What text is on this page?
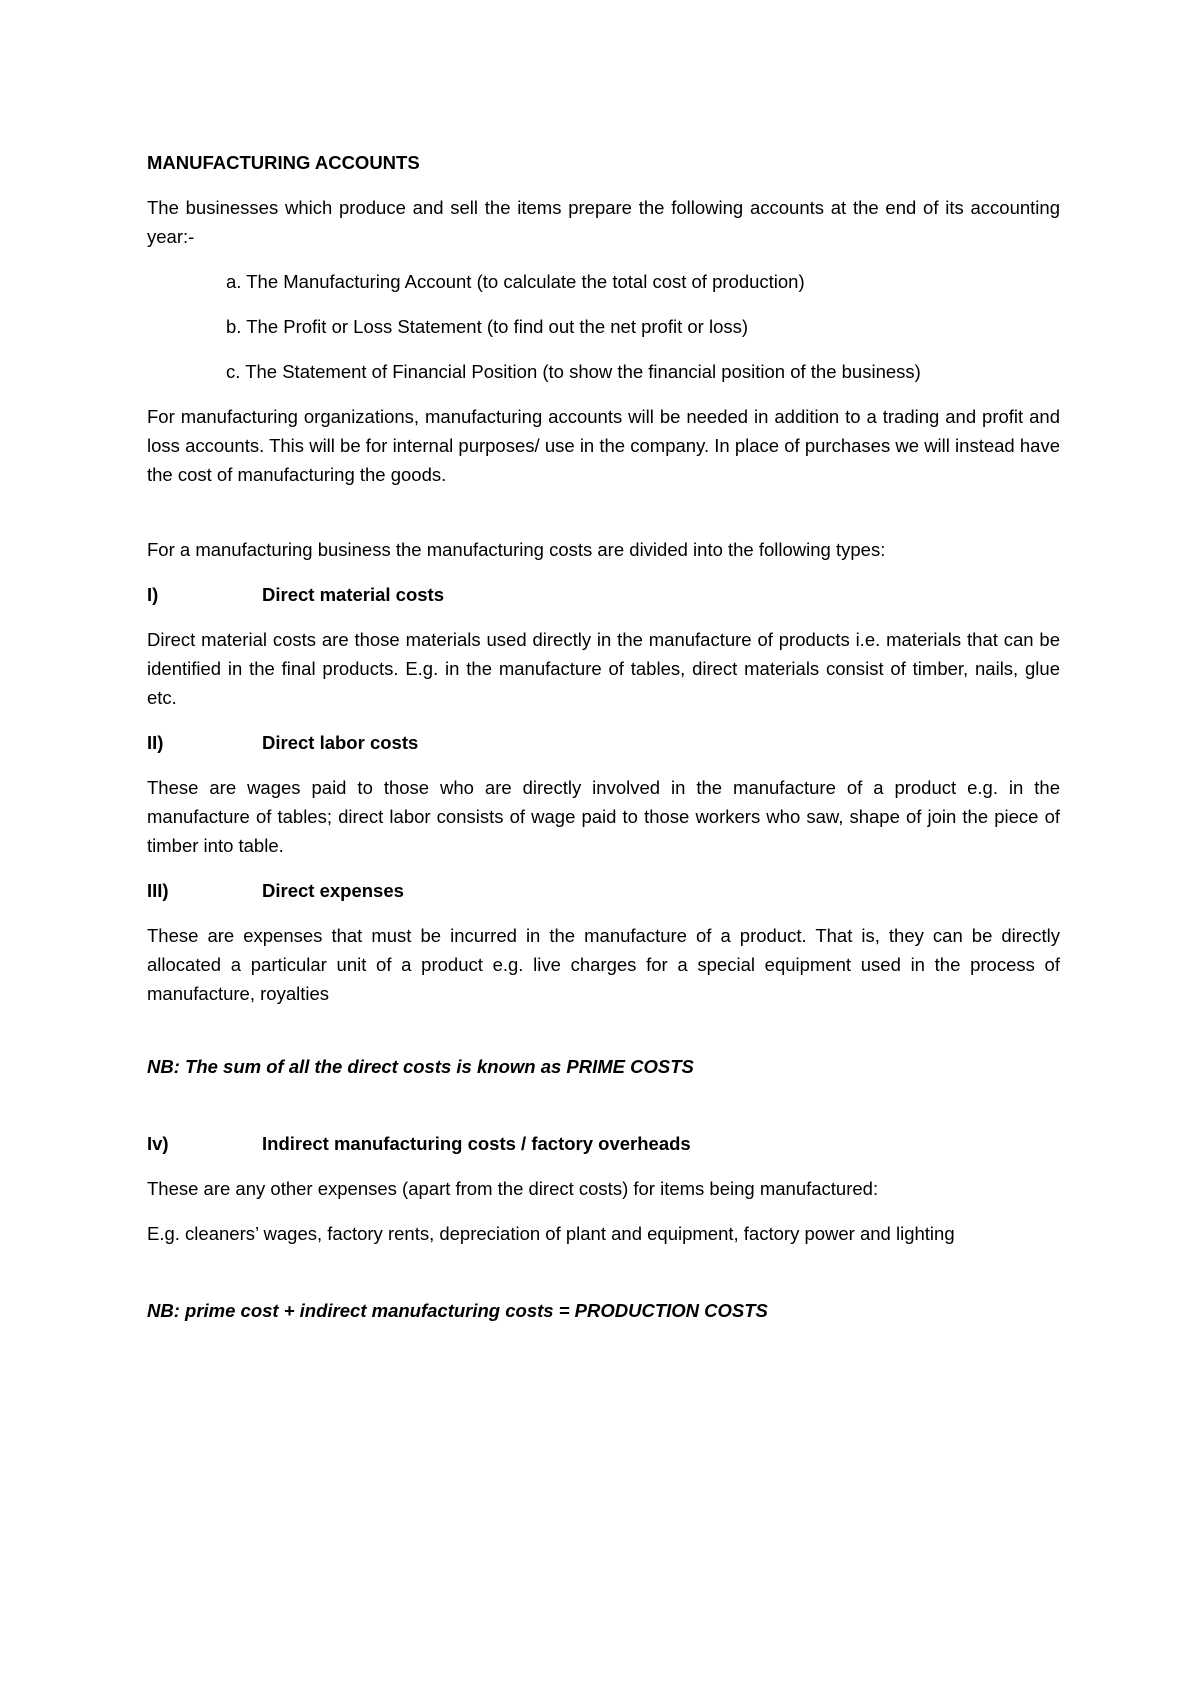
MANUFACTURING ACCOUNTS

The businesses which produce and sell the items prepare the following accounts at the end of its accounting year:-

a. The Manufacturing Account (to calculate the total cost of production)

b. The Profit or Loss Statement (to find out the net profit or loss)

c. The Statement of Financial Position (to show the financial position of the business)

For manufacturing organizations, manufacturing accounts will be needed in addition to a trading and profit and loss accounts. This will be for internal purposes/ use in the company. In place of purchases we will instead have the cost of manufacturing the goods.

For a manufacturing business the manufacturing costs are divided into the following types:

I)	Direct material costs

Direct material costs are those materials used directly in the manufacture of products i.e. materials that can be identified in the final products. E.g. in the manufacture of tables, direct materials consist of timber, nails, glue etc.

II)	Direct labor costs

These are wages paid to those who are directly involved in the manufacture of a product e.g. in the manufacture of tables; direct labor consists of wage paid to those workers who saw, shape of join the piece of timber into table.

III)	Direct expenses

These are expenses that must be incurred in the manufacture of a product. That is, they can be directly allocated a particular unit of a product e.g. live charges for a special equipment used in the process of manufacture, royalties

NB: The sum of all the direct costs is known as PRIME COSTS

Iv)	Indirect manufacturing costs / factory overheads

These are any other expenses (apart from the direct costs) for items being manufactured:

E.g. cleaners’ wages, factory rents, depreciation of plant and equipment, factory power and lighting

NB: prime cost + indirect manufacturing costs = PRODUCTION COSTS
